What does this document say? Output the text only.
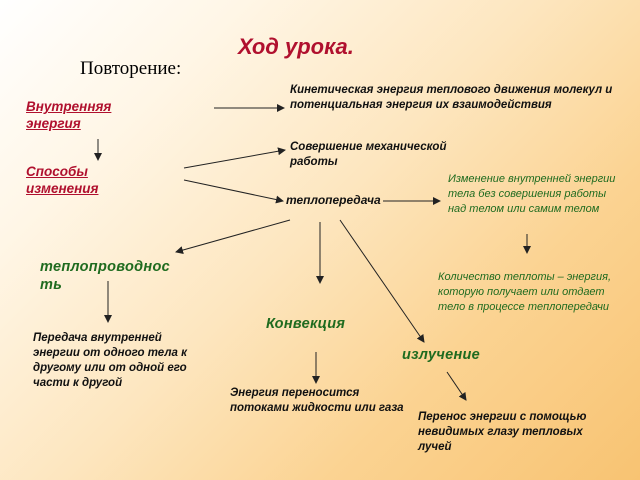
Ход урока.
Повторение:
Внутренняя энергия
Кинетическая энергия теплового движения молекул и потенциальная энергия их взаимодействия
Способы изменения
Совершение механической работы
теплопередача
Изменение внутренней энергии тела без совершения работы над телом или самим телом
теплопроводность	Количество теплоты – энергия, которую получает или отдает тело в процессе теплопередачи
Конвекция
Передача внутренней энергии от одного тела к другому или от одной его части к другой
излучение
Энергия переносится потоками жидкости или газа
Перенос энергии с помощью невидимых глазу тепловых лучей
